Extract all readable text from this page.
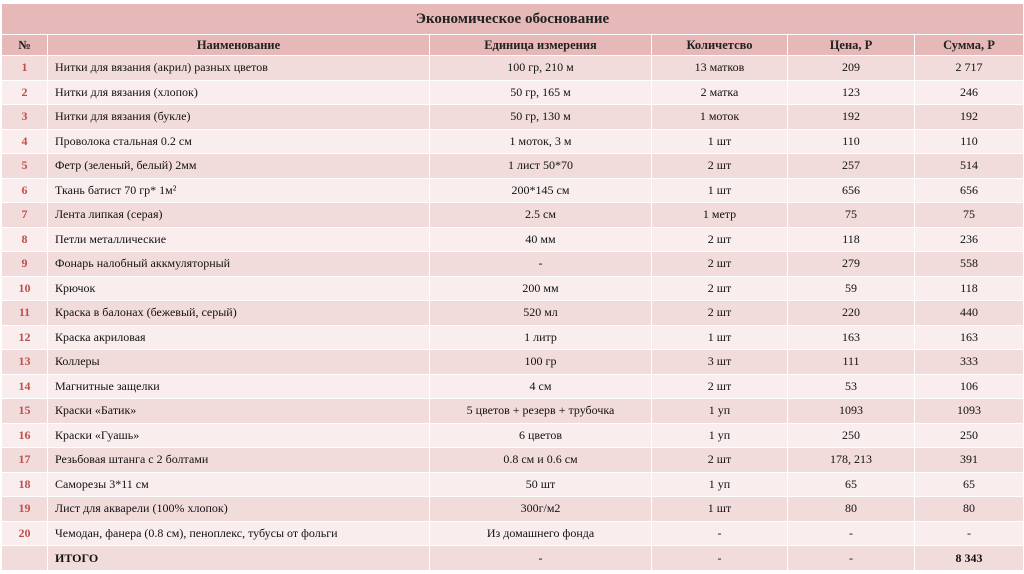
Экономическое обоснование					
№	Наименование	Единица измерения	Количетсво	Цена, Р	Сумма, Р
1	Нитки для вязания (акрил) разных цветов	100 гр, 210 м	13 матков	209	2 717
2	Нитки для вязания (хлопок)	50 гр, 165 м	2 матка	123	246
3	Нитки для вязания (букле)	50 гр, 130 м	1 моток	192	192
4	Проволока стальная 0.2 см	1 моток, 3 м	1 шт	110	110
5	Фетр (зеленый, белый) 2мм	1 лист 50*70	2 шт	257	514
6	Ткань батист 70 гр* 1м²	200*145 см	1 шт	656	656
7	Лента липкая (серая)	2.5 см	1 метр	75	75
8	Петли металлические	40 мм	2 шт	118	236
9	Фонарь налобный аккмуляторный	-	2 шт	279	558
10	Крючок	200 мм	2 шт	59	118
11	Краска в балонах (бежевый, серый)	520 мл	2 шт	220	440
12	Краска акриловая	1 литр	1 шт	163	163
13	Коллеры	100 гр	3 шт	111	333
14	Магнитные защелки	4 см	2 шт	53	106
15	Краски «Батик»	5 цветов + резерв + трубочка	1 уп	1093	1093
16	Краски «Гуашь»	6 цветов	1 уп	250	250
17	Резьбовая штанга с 2 болтами	0.8 см и 0.6 см	2 шт	178, 213	391
18	Саморезы 3*11 см	50 шт	1 уп	65	65
19	Лист для акварели (100% хлопок)	300г/м2	1 шт	80	80
20	Чемодан, фанера (0.8 см), пеноплекс, тубусы от фольги	Из домашнего фонда	-	-	-
	ИТОГО	-	-	-	8 343
